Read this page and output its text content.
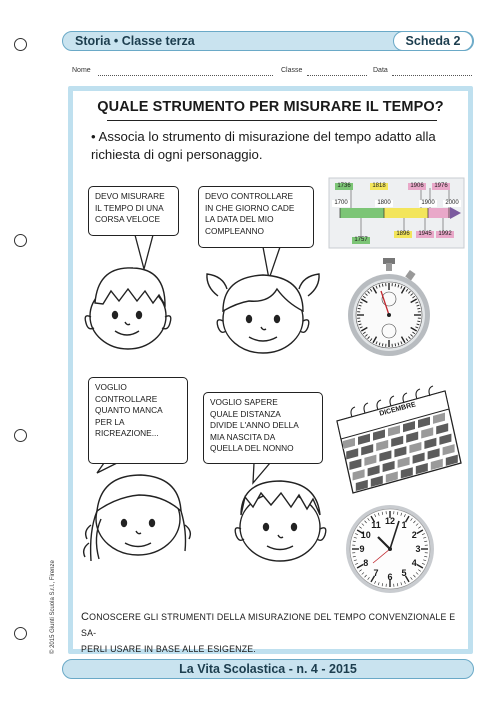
Storia • Classe terza	Scheda 2
Nome	Classe	Data
QUALE STRUMENTO PER MISURARE IL TEMPO?
• Associa lo strumento di misurazione del tempo adatto alla richiesta di ogni personaggio.
1736	1818	1906	1976
1700	1800	1900	2000
1757
1896	1945	1992
DICEMBRE
12 1
2
3
4
5
6
7
8
9
10
11
DEVO MISURARE
IL TEMPO DI UNA
CORSA VELOCE
DEVO CONTROLLARE
IN CHE GIORNO CADE
LA DATA DEL MIO
COMPLEANNO
VOGLIO
CONTROLLARE
QUANTO MANCA
PER LA
RICREAZIONE...
VOGLIO SAPERE
QUALE DISTANZA
DIVIDE L'ANNO DELLA
MIA NASCITA DA
QUELLA DEL NONNO
CONOSCERE GLI STRUMENTI DELLA MISURAZIONE DEL TEMPO CONVENZIONALE E SA-
PERLI USARE IN BASE ALLE ESIGENZE.
© 2015 Giunti Scuola S.r.l., Firenze
La Vita Scolastica - n. 4 - 2015
